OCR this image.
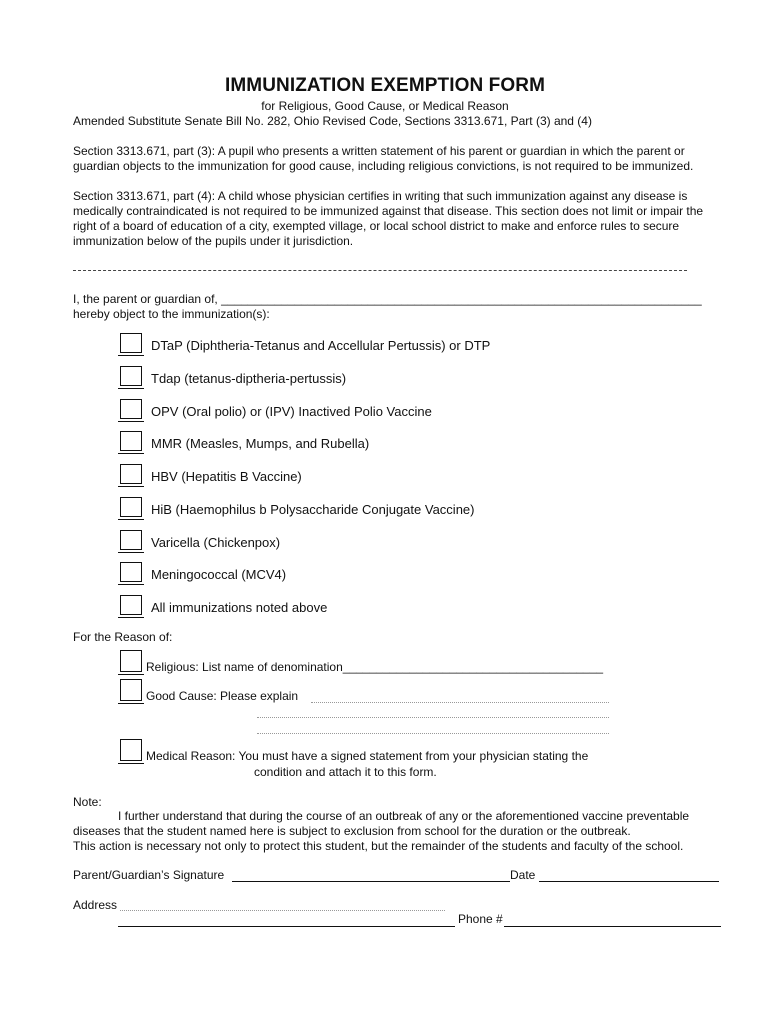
IMMUNIZATION EXEMPTION FORM
for Religious, Good Cause, or Medical Reason
Amended Substitute Senate Bill No. 282, Ohio Revised Code, Sections 3313.671, Part (3) and (4)
Section 3313.671, part (3): A pupil who presents a written statement of his parent or guardian in which the parent or guardian objects to the immunization for good cause, including religious convictions, is not required to be immunized.
Section 3313.671, part (4): A child whose physician certifies in writing that such immunization against any disease is medically contraindicated is not required to be immunized against that disease. This section does not limit or impair the right of a board of education of a city, exempted village, or local school district to make and enforce rules to secure immunization below of the pupils under it jurisdiction.
I, the parent or guardian of, ________________________________________________________________________
hereby object to the immunization(s):
DTaP (Diphtheria-Tetanus and Accellular Pertussis) or DTP
Tdap (tetanus-diptheria-pertussis)
OPV (Oral polio) or (IPV) Inactived Polio Vaccine
MMR (Measles, Mumps, and Rubella)
HBV (Hepatitis B Vaccine)
HiB (Haemophilus b Polysaccharide Conjugate Vaccine)
Varicella (Chickenpox)
Meningococcal (MCV4)
All immunizations noted above
For the Reason of:
Religious: List name of denomination_______________________________________
Good Cause: Please explain
Medical Reason: You must have a signed statement from your physician stating the
condition and attach it to this form.
Note:
I further understand that during the course of an outbreak of any or the aforementioned vaccine preventable
diseases that the student named here is subject to exclusion from school for the duration or the outbreak.
This action is necessary not only to protect this student, but the remainder of the students and faculty of the school.
Parent/Guardian’s Signature	Date
Address
Phone #
